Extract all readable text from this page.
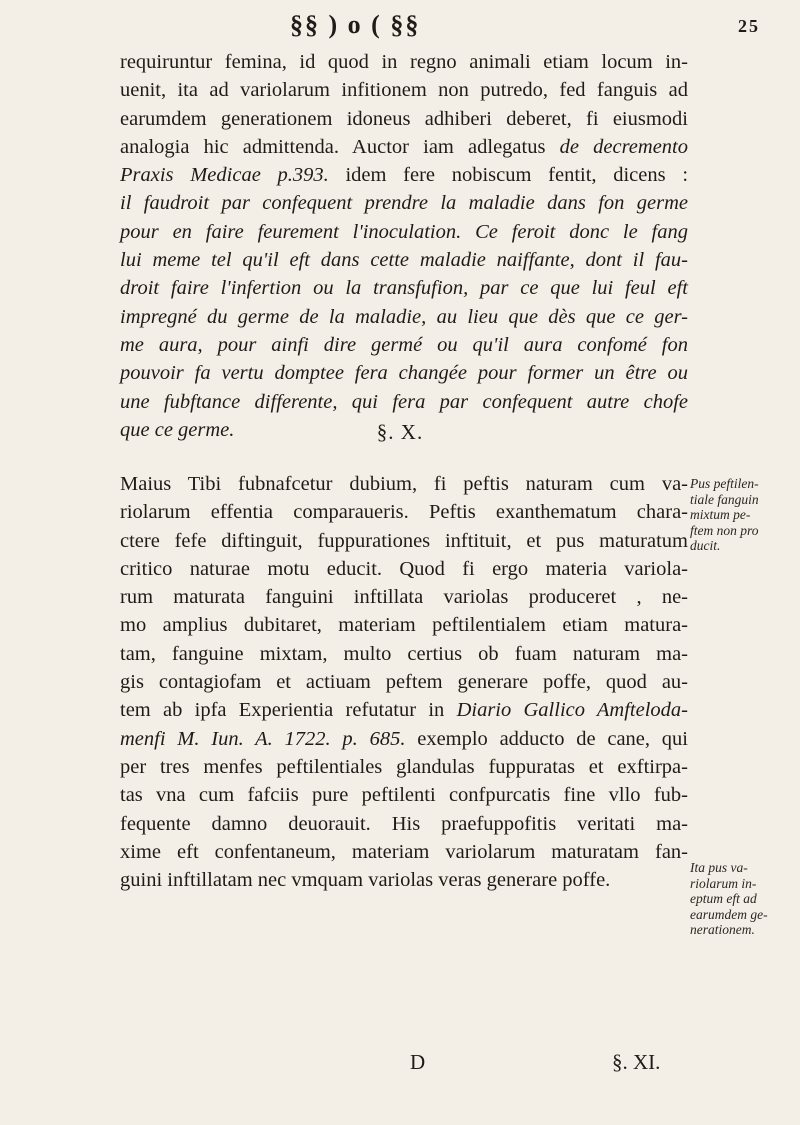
§§ ) o ( §§	25
requiruntur femina, id quod in regno animali etiam locum in-
uenit, ita ad variolarum infitionem non putredo, fed fanguis ad
earumdem generationem idoneus adhiberi deberet, fi eiusmodi
analogia hic admittenda. Auctor iam adlegatus de decremento
Praxis Medicae p.393. idem fere nobiscum fentit, dicens :
il faudroit par confequent prendre la maladie dans fon germe
pour en faire feurement l'inoculation. Ce feroit donc le fang
lui meme tel qu'il eft dans cette maladie naiffante, dont il fau-
droit faire l'infertion ou la transfufion, par ce que lui feul eft
impregné du germe de la maladie, au lieu que dès que ce ger-
me aura, pour ainfi dire germé ou qu'il aura confomé fon
pouvoir fa vertu domptee fera changée pour former un être ou
une fubftance differente, qui fera par confequent autre chofe
que ce germe.	§. X.
Maius Tibi fubnafcetur dubium, fi peftis naturam cum va-
riolarum effentia comparaueris. Peftis exanthematum chara-
ctere fefe diftinguit, fuppurationes inftituit, et pus maturatum
critico naturae motu educit. Quod fi ergo materia variola-
rum maturata fanguini inftillata variolas produceret , ne-
mo amplius dubitaret, materiam peftilentialem etiam matura-
tam, fanguine mixtam, multo certius ob fuam naturam ma-
gis contagiofam et actiuam peftem generare poffe, quod au-
tem ab ipfa Experientia refutatur in Diario Gallico Amfteloda-
menfi M. Iun. A. 1722. p. 685. exemplo adducto de cane, qui
per tres menfes peftilentiales glandulas fuppuratas et exftirpa-
tas vna cum fafciis pure peftilenti confpurcatis fine vllo fub-
fequente damno deuorauit. His praefuppofitis veritati ma-
xime eft confentaneum, materiam variolarum maturatam fan-
guini inftillatam nec vmquam variolas veras generare poffe.
Pus peftilen-
tiale fanguin
mixtum pe-
ftem non pro
ducit.
Ita pus va-
riolarum in-
eptum eft ad
earumdem ge-
nerationem.
D	§. XI.
